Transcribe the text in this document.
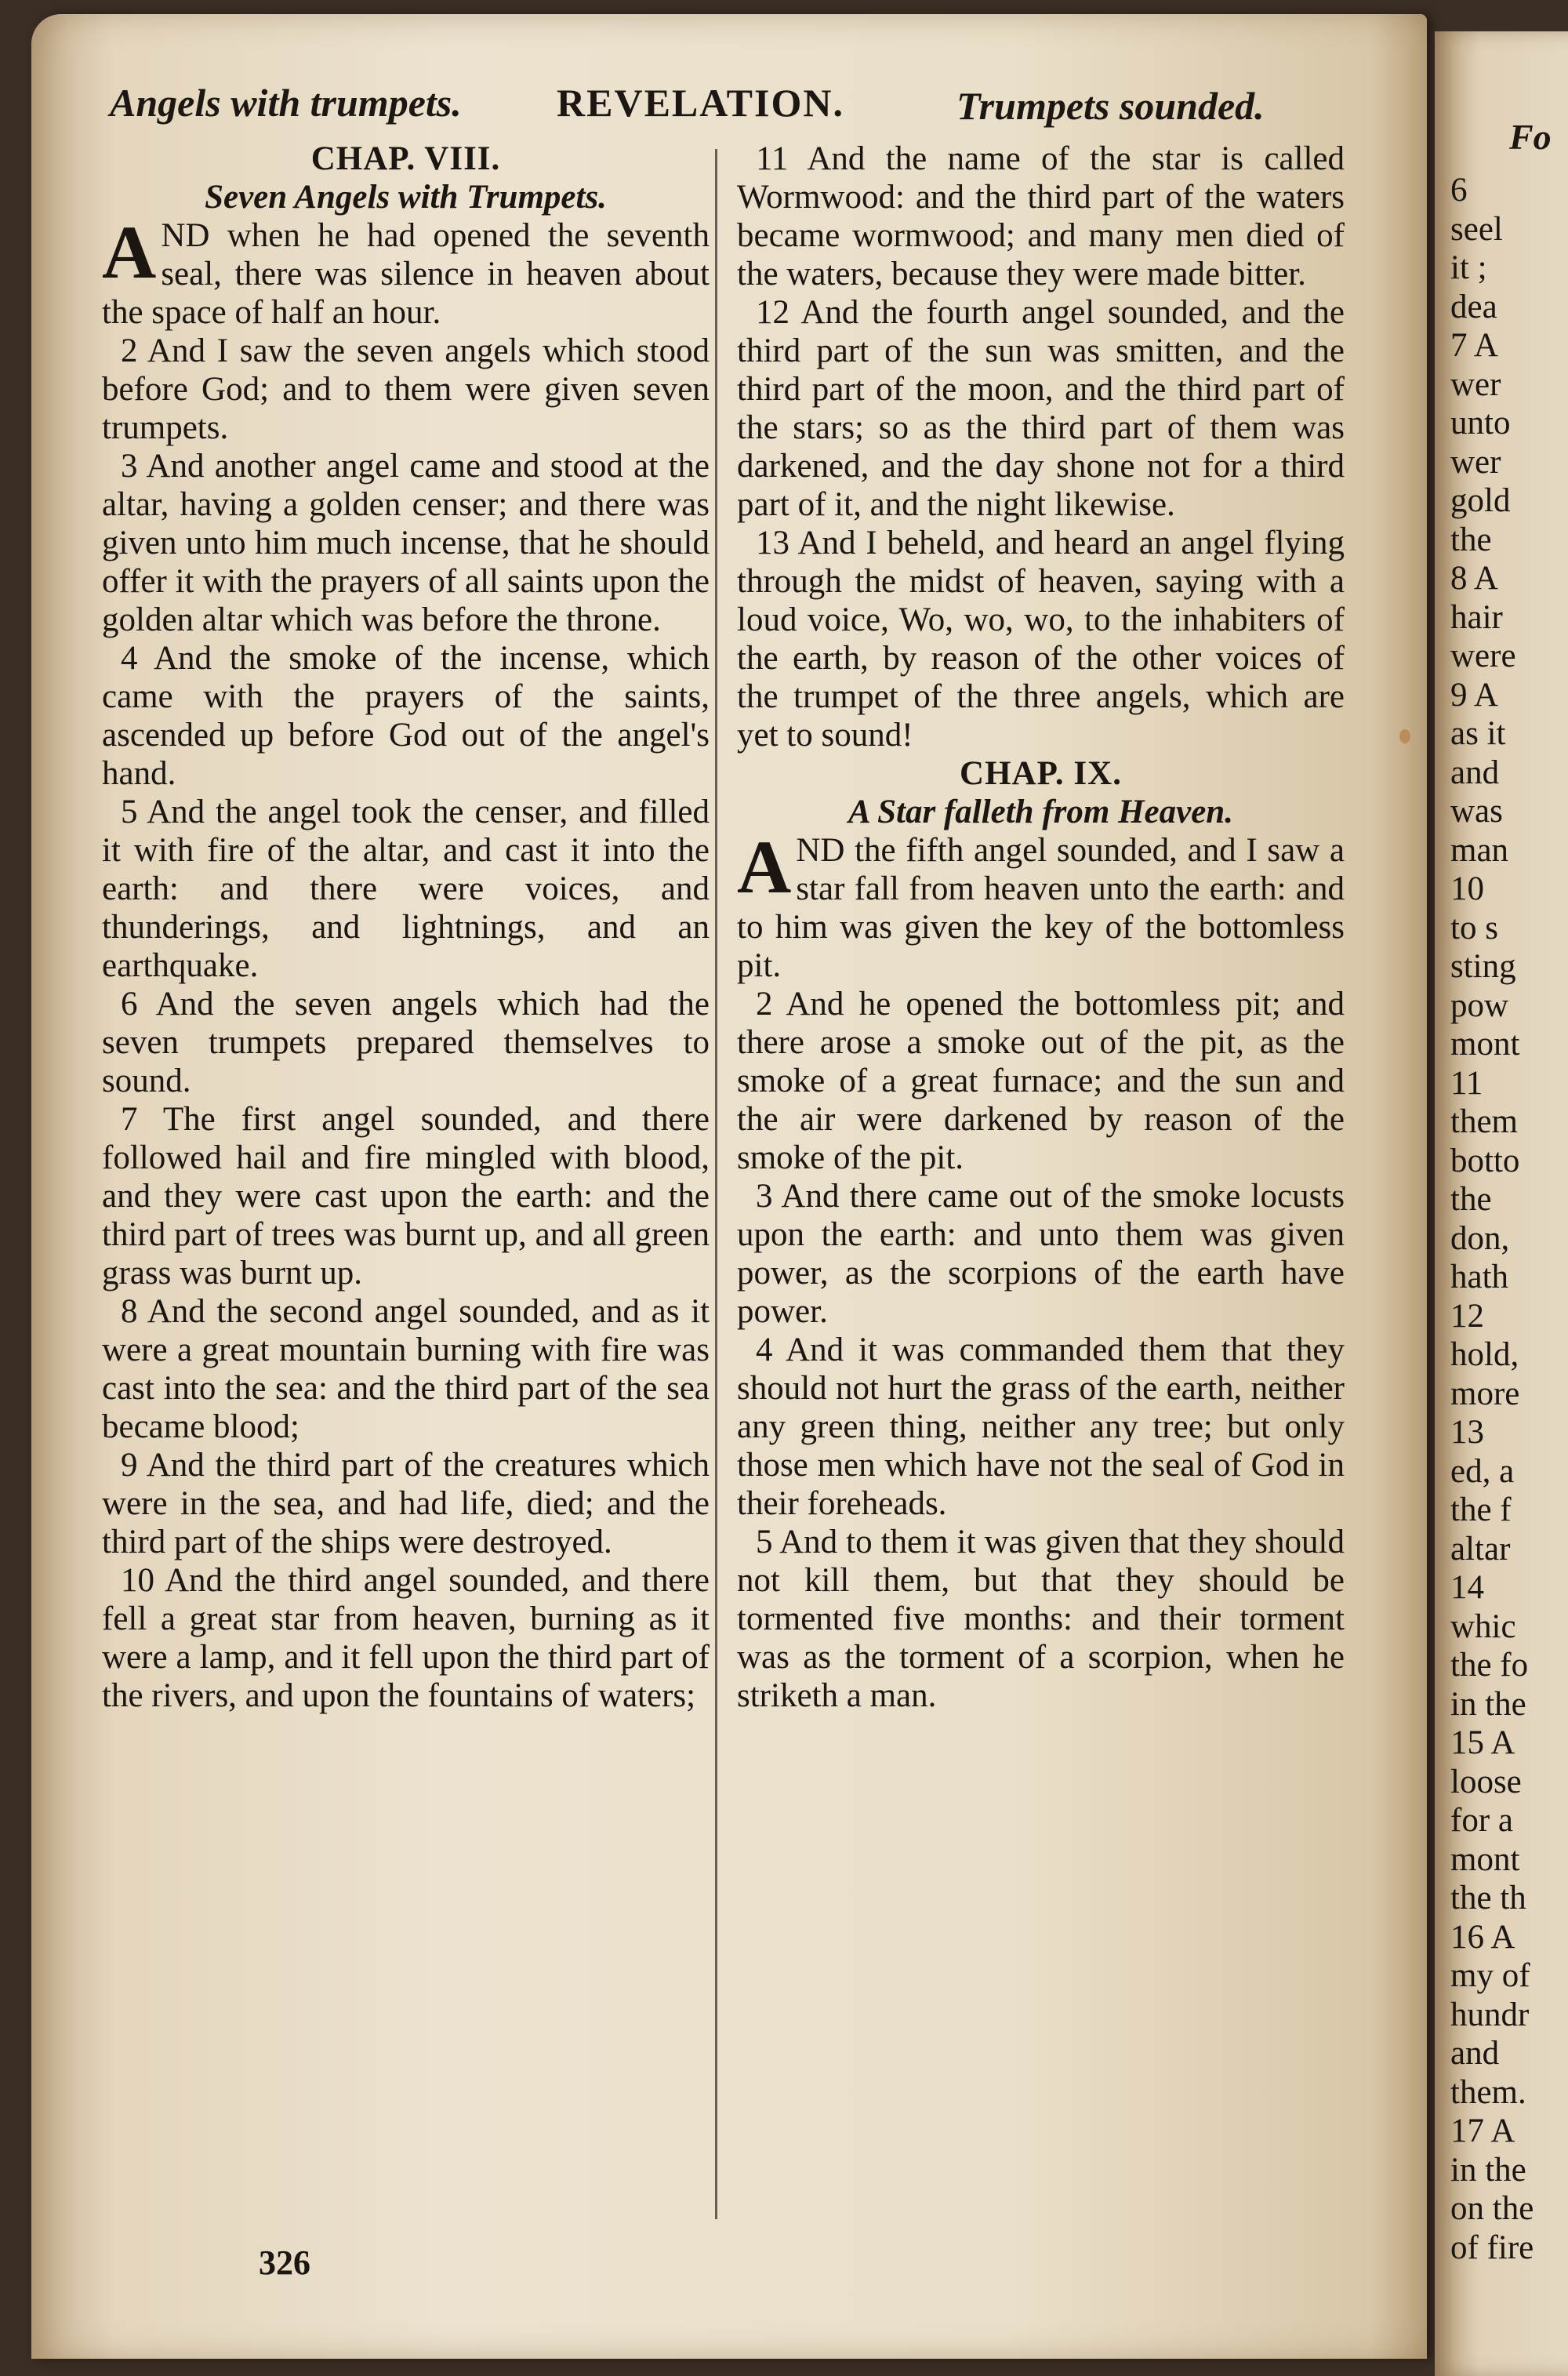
Fo
6
seel
it ;
dea
7 A
wer
unto
wer
gold
the
8 A
hair
were
9 A
as it
and
was
man
10
to s
sting
pow
mont
11
them
botto
the
don,
hath
12
hold,
more
13
ed, a
the f
altar
14
whic
the fo
in the
15 A
loose
for a
mont
the th
16 A
my of
hundr
and
them.
17 A
in the
on the
of fire
Angels with trumpets. REVELATION.	Trumpets sounded.

CHAP. VIII.

Seven Angels with Trumpets.

AND when he had opened the seventh seal, there was silence in heaven about the space of half an hour.

2 And I saw the seven angels which stood before God; and to them were given seven trumpets.

3 And another angel came and stood at the altar, having a golden censer; and there was given unto him much incense, that he should offer it with the prayers of all saints upon the golden altar which was before the throne.

4 And the smoke of the incense, which came with the prayers of the saints, ascended up before God out of the angel's hand.

5 And the angel took the censer, and filled it with fire of the altar, and cast it into the earth: and there were voices, and thunderings, and lightnings, and an earthquake.

6 And the seven angels which had the seven trumpets prepared themselves to sound.

7 The first angel sounded, and there followed hail and fire mingled with blood, and they were cast upon the earth: and the third part of trees was burnt up, and all green grass was burnt up.

8 And the second angel sounded, and as it were a great mountain burning with fire was cast into the sea: and the third part of the sea became blood;

9 And the third part of the creatures which were in the sea, and had life, died; and the third part of the ships were destroyed.

10 And the third angel sounded, and there fell a great star from heaven, burning as it were a lamp, and it fell upon the third part of the rivers, and upon the fountains of waters;

11 And the name of the star is called Wormwood: and the third part of the waters became wormwood; and many men died of the waters, because they were made bitter.

12 And the fourth angel sounded, and the third part of the sun was smitten, and the third part of the moon, and the third part of the stars; so as the third part of them was darkened, and the day shone not for a third part of it, and the night likewise.

13 And I beheld, and heard an angel flying through the midst of heaven, saying with a loud voice, Wo, wo, wo, to the inhabiters of the earth, by reason of the other voices of the trumpet of the three angels, which are yet to sound!

CHAP. IX.

A Star falleth from Heaven.

AND the fifth angel sounded, and I saw a star fall from heaven unto the earth: and to him was given the key of the bottomless pit.

2 And he opened the bottomless pit; and there arose a smoke out of the pit, as the smoke of a great furnace; and the sun and the air were darkened by reason of the smoke of the pit.

3 And there came out of the smoke locusts upon the earth: and unto them was given power, as the scorpions of the earth have power.

4 And it was commanded them that they should not hurt the grass of the earth, neither any green thing, neither any tree; but only those men which have not the seal of God in their foreheads.

5 And to them it was given that they should not kill them, but that they should be tormented five months: and their torment was as the torment of a scorpion, when he striketh a man.

326
